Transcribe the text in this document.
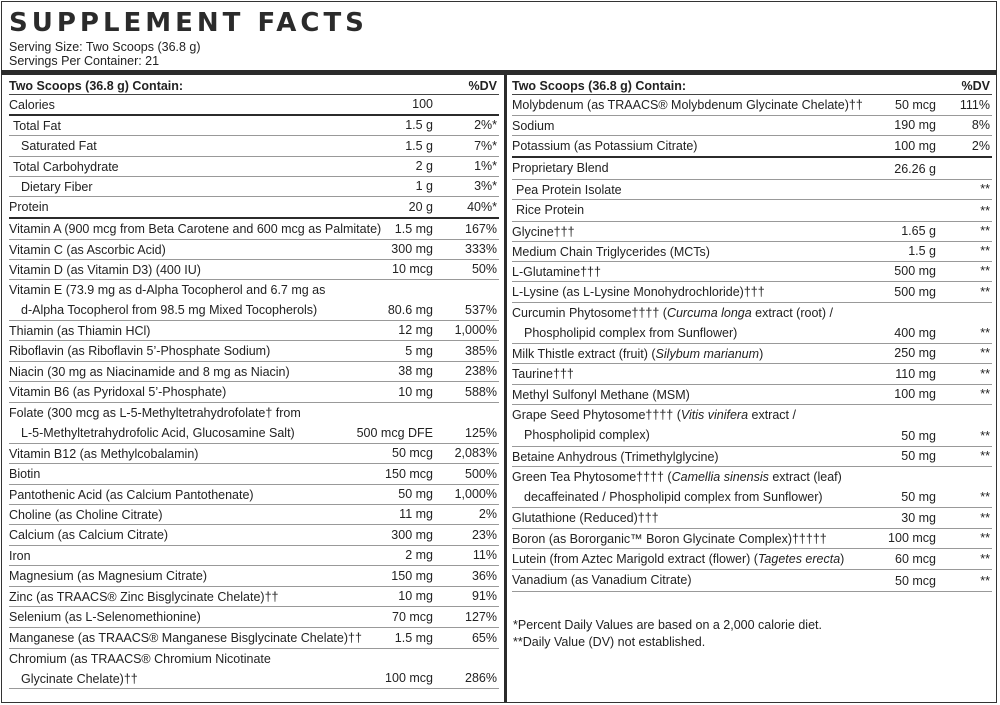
SUPPLEMENT FACTS
Serving Size: Two Scoops (36.8 g)
Servings Per Container: 21
Two Scoops (36.8 g) Contain:	%DV
Calories	100
Total Fat	1.5 g	2%*
Saturated Fat	1.5 g	7%*
Total Carbohydrate	2 g	1%*
Dietary Fiber	1 g	3%*
Protein	20 g	40%*
Vitamin A (900 mcg from Beta Carotene and 600 mcg as Palmitate) 1.5 mg	167%
Vitamin C (as Ascorbic Acid)	300 mg	333%
Vitamin D (as Vitamin D3) (400 IU)	10 mcg	50%
Vitamin E (73.9 mg as d-Alpha Tocopherol and 6.7 mg as
d-Alpha Tocopherol from 98.5 mg Mixed Tocopherols)	80.6 mg	537%
Thiamin (as Thiamin HCl)	12 mg 1,000%
Riboflavin (as Riboflavin 5’-Phosphate Sodium)	5 mg	385%
Niacin (30 mg as Niacinamide and 8 mg as Niacin)	38 mg	238%
Vitamin B6 (as Pyridoxal 5’-Phosphate)	10 mg	588%
Folate (300 mcg as L-5-Methyltetrahydrofolate† from
L-5-Methyltetrahydrofolic Acid, Glucosamine Salt)	500 mcg DFE	125%
Vitamin B12 (as Methylcobalamin)	50 mcg 2,083%
Biotin	150 mcg	500%
Pantothenic Acid (as Calcium Pantothenate)	50 mg 1,000%
Choline (as Choline Citrate)	11 mg	2%
Calcium (as Calcium Citrate)	300 mg	23%
Iron	2 mg	11%
Magnesium (as Magnesium Citrate)	150 mg	36%
Zinc (as TRAACS® Zinc Bisglycinate Chelate)††	10 mg	91%
Selenium (as L-Selenomethionine)	70 mcg	127%
Manganese (as TRAACS® Manganese Bisglycinate Chelate)††	1.5 mg	65%
Chromium (as TRAACS® Chromium Nicotinate
Glycinate Chelate)††	100 mcg	286%
Two Scoops (36.8 g) Contain:	%DV
Molybdenum (as TRAACS® Molybdenum Glycinate Chelate)††	50 mcg 111%
Sodium	190 mg	8%
Potassium (as Potassium Citrate)	100 mg	2%
Proprietary Blend	26.26 g
Pea Protein Isolate	**
Rice Protein	**
Glycine†††	1.65 g	**
Medium Chain Triglycerides (MCTs)	1.5 g	**
L-Glutamine†††	500 mg	**
L-Lysine (as L-Lysine Monohydrochloride)†††	500 mg	**
Curcumin Phytosome†††† (Curcuma longa extract (root) /
Phospholipid complex from Sunflower)	400 mg	**
Milk Thistle extract (fruit) (Silybum marianum)	250 mg	**
Taurine†††	110 mg	**
Methyl Sulfonyl Methane (MSM)	100 mg	**
Grape Seed Phytosome†††† (Vitis vinifera extract /
Phospholipid complex)	50 mg	**
Betaine Anhydrous (Trimethylglycine)	50 mg	**
Green Tea Phytosome†††† (Camellia sinensis extract (leaf)
decaffeinated / Phospholipid complex from Sunflower)	50 mg	**
Glutathione (Reduced)†††	30 mg	**
Boron (as Bororganic™ Boron Glycinate Complex)†††††	100 mcg	**
Lutein (from Aztec Marigold extract (flower) (Tagetes erecta)	60 mcg	**
Vanadium (as Vanadium Citrate)	50 mcg	**
*Percent Daily Values are based on a 2,000 calorie diet.
**Daily Value (DV) not established.
